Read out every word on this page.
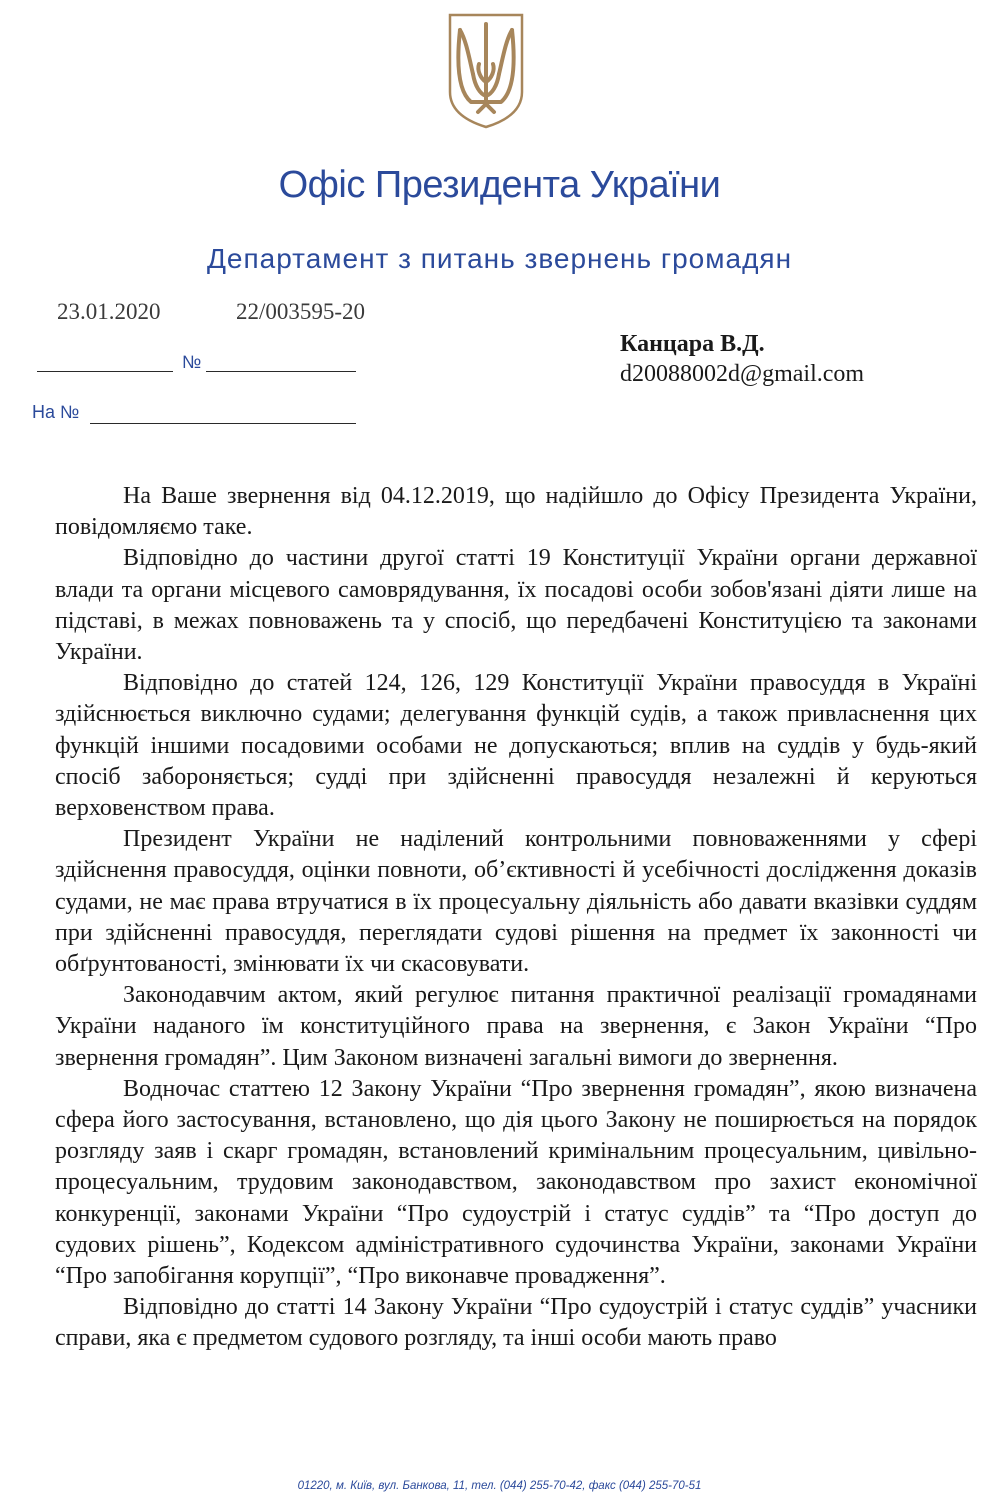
Офіс Президента України
Департамент з питань звернень громадян
23.01.2020	22/003595-20
№
На №
Канцара В.Д.
d20088002d@gmail.com

На Ваше звернення від 04.12.2019, що надійшло до Офісу Президента України, повідомляємо таке.

Відповідно до частини другої статті 19 Конституції України органи державної влади та органи місцевого самоврядування, їх посадові особи зобов'язані діяти лише на підставі, в межах повноважень та у спосіб, що передбачені Конституцією та законами України.

Відповідно до статей 124, 126, 129 Конституції України правосуддя в Україні здійснюється виключно судами; делегування функцій судів, а також привласнення цих функцій іншими посадовими особами не допускаються; вплив на суддів у будь-який спосіб забороняється; судді при здійсненні правосуддя незалежні й керуються верховенством права.

Президент України не наділений контрольними повноваженнями у сфері здійснення правосуддя, оцінки повноти, об’єктивності й усебічності дослідження доказів судами, не має права втручатися в їх процесуальну діяльність або давати вказівки суддям при здійсненні правосуддя, переглядати судові рішення на предмет їх законності чи обґрунтованості, змінювати їх чи скасовувати.

Законодавчим актом, який регулює питання практичної реалізації громадянами України наданого їм конституційного права на звернення, є Закон України “Про звернення громадян”. Цим Законом визначені загальні вимоги до звернення.

Водночас статтею 12 Закону України “Про звернення громадян”, якою визначена сфера його застосування, встановлено, що дія цього Закону не поширюється на порядок розгляду заяв і скарг громадян, встановлений кримінальним процесуальним, цивільно-процесуальним, трудовим законодавством, законодавством про захист економічної конкуренції, законами України “Про судоустрій і статус суддів” та “Про доступ до судових рішень”, Кодексом адміністративного судочинства України, законами України “Про запобігання корупції”, “Про виконавче провадження”.

Відповідно до статті 14 Закону України “Про судоустрій і статус суддів” учасники справи, яка є предметом судового розгляду, та інші особи мають право

01220, м. Київ, вул. Банкова, 11, тел. (044) 255-70-42, факс (044) 255-70-51
